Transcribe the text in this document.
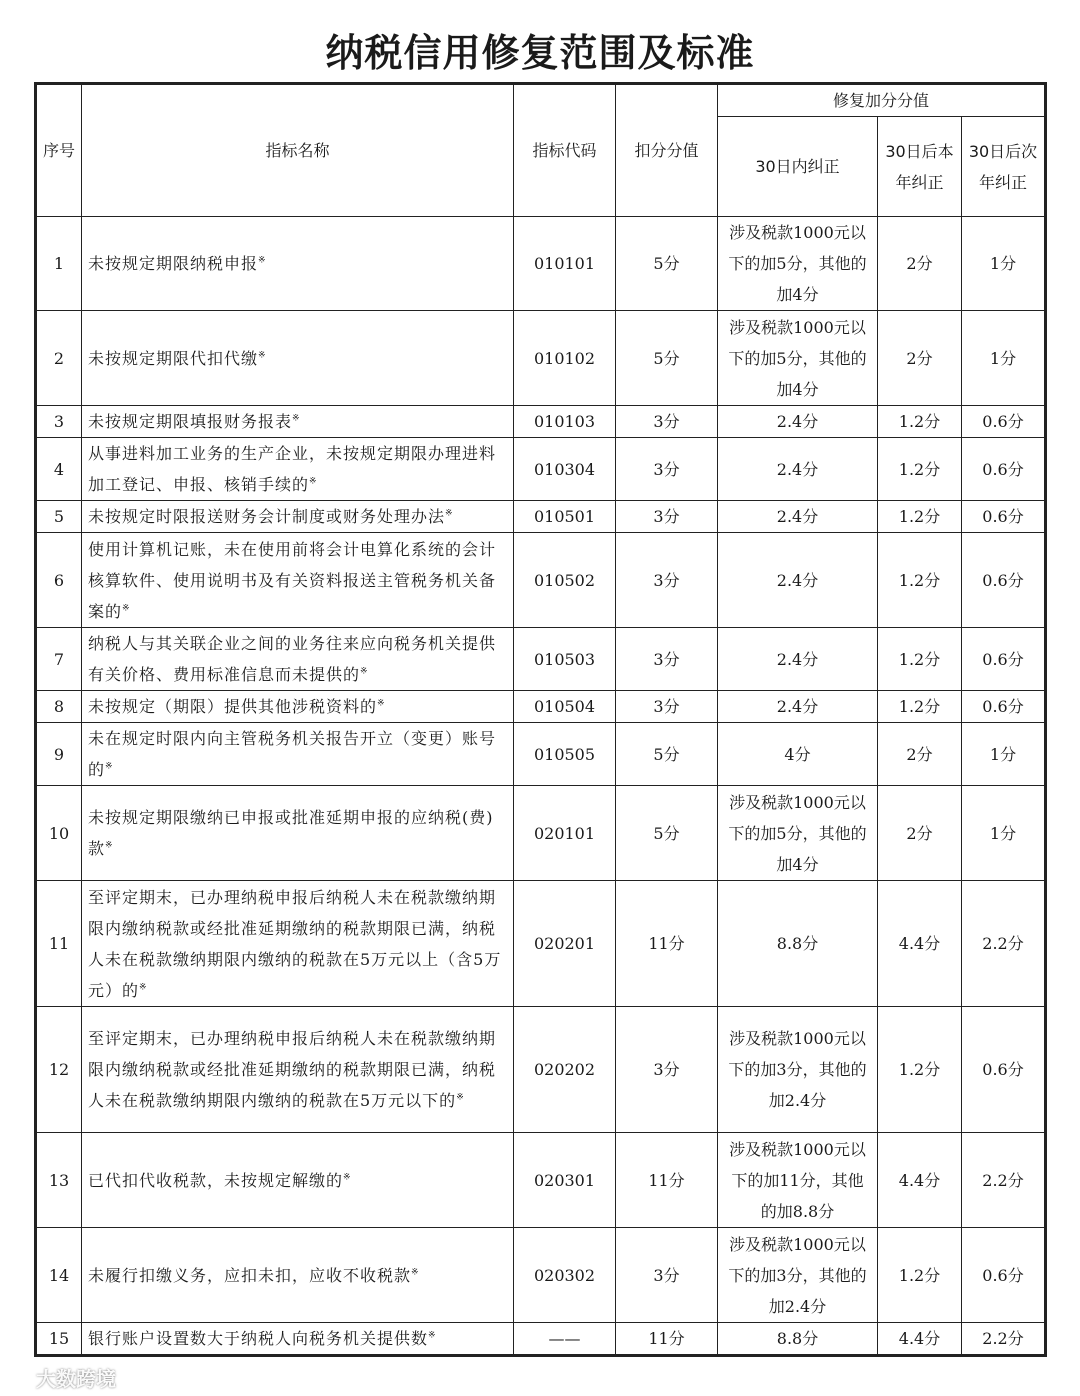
纳税信用修复范围及标准
序号	指标名称	指标代码	扣分分值	修复加分分值		
				30日内纠正	30日后本年纠正	30日后次年纠正
1	未按规定期限纳税申报※	010101	5分	涉及税款1000元以下的加5分，其他的加4分	2分	1分
2	未按规定期限代扣代缴※	010102	5分	涉及税款1000元以下的加5分，其他的加4分	2分	1分
3	未按规定期限填报财务报表※	010103	3分	2.4分	1.2分	0.6分
4	从事进料加工业务的生产企业，未按规定期限办理进料加工登记、申报、核销手续的※	010304	3分	2.4分	1.2分	0.6分
5	未按规定时限报送财务会计制度或财务处理办法※	010501	3分	2.4分	1.2分	0.6分
6	使用计算机记账，未在使用前将会计电算化系统的会计核算软件、使用说明书及有关资料报送主管税务机关备案的※	010502	3分	2.4分	1.2分	0.6分
7	纳税人与其关联企业之间的业务往来应向税务机关提供有关价格、费用标准信息而未提供的※	010503	3分	2.4分	1.2分	0.6分
8	未按规定（期限）提供其他涉税资料的※	010504	3分	2.4分	1.2分	0.6分
9	未在规定时限内向主管税务机关报告开立（变更）账号的※	010505	5分	4分	2分	1分
10	未按规定期限缴纳已申报或批准延期申报的应纳税(费)款※	020101	5分	涉及税款1000元以下的加5分，其他的加4分	2分	1分
11	至评定期末，已办理纳税申报后纳税人未在税款缴纳期限内缴纳税款或经批准延期缴纳的税款期限已满，纳税人未在税款缴纳期限内缴纳的税款在5万元以上（含5万元）的※	020201	11分	8.8分	4.4分	2.2分
12	至评定期末，已办理纳税申报后纳税人未在税款缴纳期限内缴纳税款或经批准延期缴纳的税款期限已满，纳税人未在税款缴纳期限内缴纳的税款在5万元以下的※	020202	3分	涉及税款1000元以下的加3分，其他的加2.4分	1.2分	0.6分
13	已代扣代收税款，未按规定解缴的※	020301	11分	涉及税款1000元以下的加11分，其他的加8.8分	4.4分	2.2分
14	未履行扣缴义务，应扣未扣，应收不收税款※	020302	3分	涉及税款1000元以下的加3分，其他的加2.4分	1.2分	0.6分
15	银行账户设置数大于纳税人向税务机关提供数※	——	11分	8.8分	4.4分	2.2分
大数跨境
